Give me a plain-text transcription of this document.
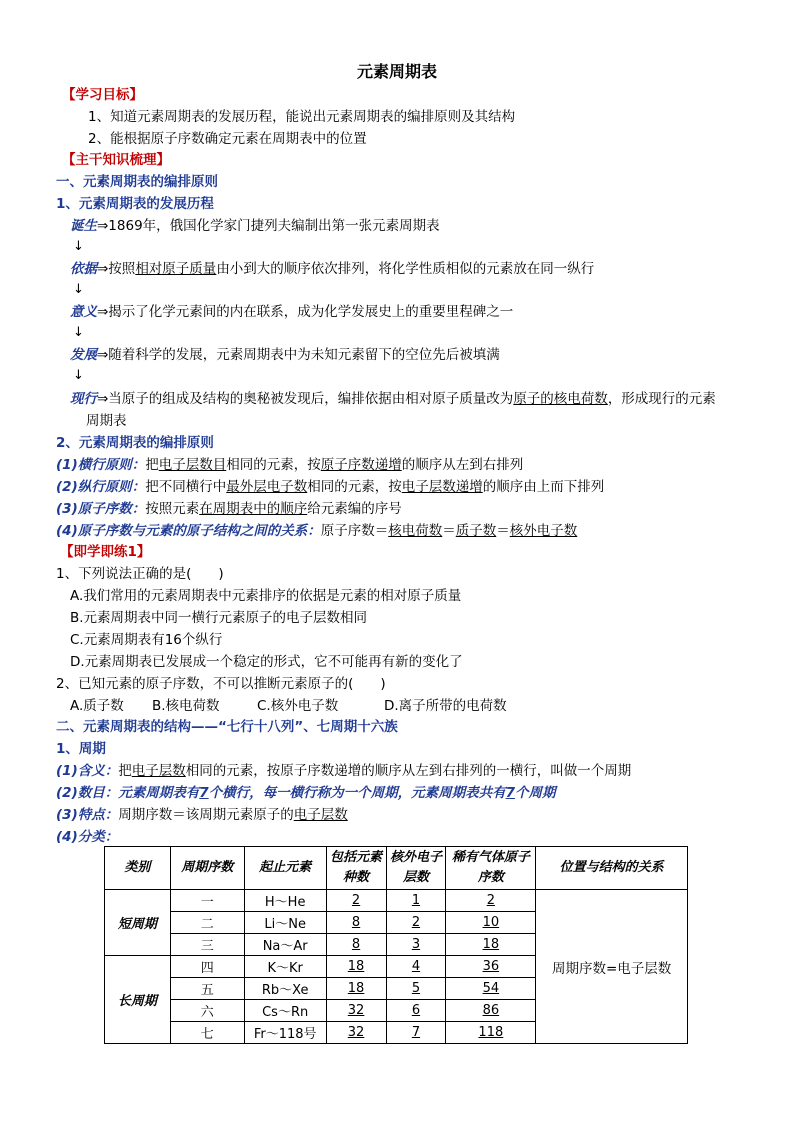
元素周期表
【学习目标】
1、知道元素周期表的发展历程，能说出元素周期表的编排原则及其结构
2、能根据原子序数确定元素在周期表中的位置
【主干知识梳理】
一、元素周期表的编排原则
1、元素周期表的发展历程
诞生⇒1869年，俄国化学家门捷列夫编制出第一张元素周期表
↓
依据⇒按照相对原子质量由小到大的顺序依次排列，将化学性质相似的元素放在同一纵行
↓
意义⇒揭示了化学元素间的内在联系，成为化学发展史上的重要里程碑之一
↓
发展⇒随着科学的发展，元素周期表中为未知元素留下的空位先后被填满
↓
现行⇒当原子的组成及结构的奥秘被发现后，编排依据由相对原子质量改为原子的核电荷数，形成现行的元素
周期表
2、元素周期表的编排原则
(1)横行原则：把电子层数目相同的元素，按原子序数递增的顺序从左到右排列
(2)纵行原则：把不同横行中最外层电子数相同的元素，按电子层数递增的顺序由上而下排列
(3)原子序数：按照元素在周期表中的顺序给元素编的序号
(4)原子序数与元素的原子结构之间的关系：原子序数＝核电荷数＝质子数＝核外电子数
【即学即练1】
1、下列说法正确的是(　　)
A.我们常用的元素周期表中元素排序的依据是元素的相对原子质量
B.元素周期表中同一横行元素原子的电子层数相同
C.元素周期表有16个纵行
D.元素周期表已发展成一个稳定的形式，它不可能再有新的变化了
2、已知元素的原子序数，不可以推断元素原子的(　　)
A.质子数 B.核电荷数	C.核外电子数	D.离子所带的电荷数
二、元素周期表的结构——“七行十八列”、七周期十六族
1、周期
(1)含义：把电子层数相同的元素，按原子序数递增的顺序从左到右排列的一横行，叫做一个周期
(2)数目：元素周期表有7个横行，每一横行称为一个周期，元素周期表共有7个周期
(3)特点：周期序数＝该周期元素原子的电子层数
(4)分类：
类别	周期序数	起止元素	包括元素种数	核外电子层数	稀有气体原子序数	位置与结构的关系
短周期	一	H～He	2	1	2	周期序数=电子层数
	二	Li～Ne	8	2	10	
	三	Na～Ar	8	3	18	
长周期	四	K～Kr	18	4	36	
	五	Rb～Xe	18	5	54	
	六	Cs～Rn	32	6	86	
	七	Fr～118号	32	7	118	
